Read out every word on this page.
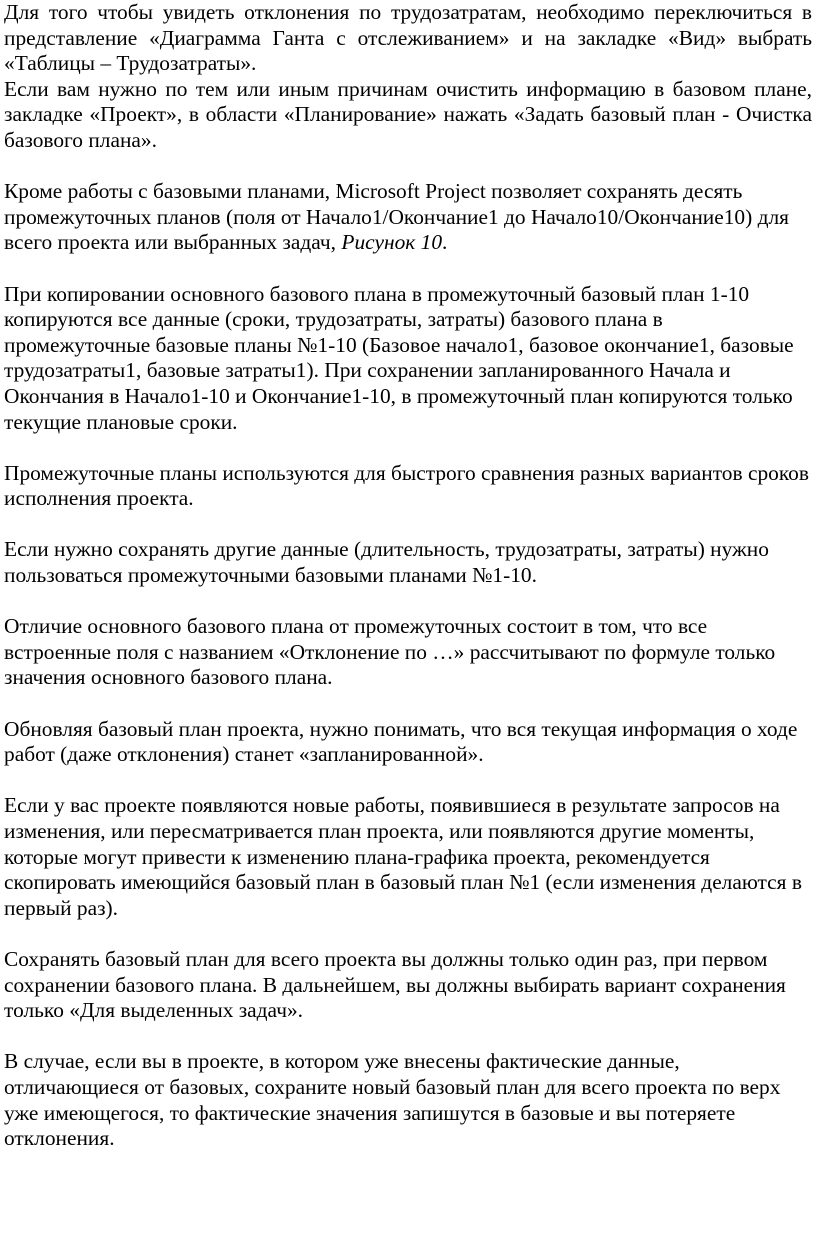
Для того чтобы увидеть отклонения по трудозатратам, необходимо переключиться в представление «Диаграмма Ганта с отслеживанием» и на закладке «Вид» выбрать «Таблицы – Трудозатраты».

Если вам нужно по тем или иным причинам очистить информацию в базовом плане, закладке «Проект», в области «Планирование» нажать «Задать базовый план - Очистка базового плана».

Кроме работы с базовыми планами, Microsoft Project позволяет сохранять десять промежуточных планов (поля от Начало1/Окончание1 до Начало10/Окончание10) для всего проекта или выбранных задач, Рисунок 10.

При копировании основного базового плана в промежуточный базовый план 1-10 копируются все данные (сроки, трудозатраты, затраты) базового плана в промежуточные базовые планы №1-10 (Базовое начало1, базовое окончание1, базовые трудозатраты1, базовые затраты1). При сохранении запланированного Начала и Окончания в Начало1-10 и Окончание1-10, в промежуточный план копируются только текущие плановые сроки.

Промежуточные планы используются для быстрого сравнения разных вариантов сроков исполнения проекта.

Если нужно сохранять другие данные (длительность, трудозатраты, затраты) нужно пользоваться промежуточными базовыми планами №1-10.

Отличие основного базового плана от промежуточных состоит в том, что все встроенные поля с названием «Отклонение по …» рассчитывают по формуле только значения основного базового плана.

Обновляя базовый план проекта, нужно понимать, что вся текущая информация о ходе работ (даже отклонения) станет «запланированной».

Если у вас проекте появляются новые работы, появившиеся в результате запросов на изменения, или пересматривается план проекта, или появляются другие моменты, которые могут привести к изменению плана-графика проекта, рекомендуется скопировать имеющийся базовый план в базовый план №1 (если изменения делаются в первый раз).

Сохранять базовый план для всего проекта вы должны только один раз, при первом сохранении базового плана. В дальнейшем, вы должны выбирать вариант сохранения только «Для выделенных задач».

В случае, если вы в проекте, в котором уже внесены фактические данные, отличающиеся от базовых, сохраните новый базовый план для всего проекта по верх уже имеющегося, то фактические значения запишутся в базовые и вы потеряете отклонения.
